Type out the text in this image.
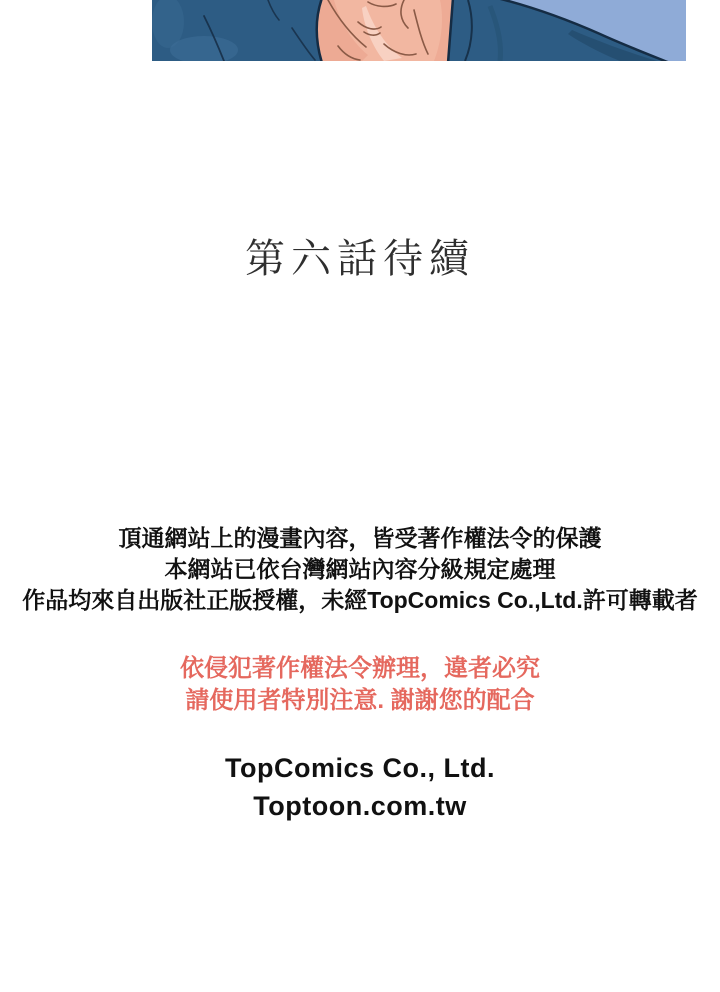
第六話待續
頂通網站上的漫畫內容，皆受著作權法令的保護
本網站已依台灣網站內容分級規定處理
作品均來自出版社正版授權，未經TopComics Co.,Ltd.許可轉載者
依侵犯著作權法令辦理，違者必究
請使用者特別注意. 謝謝您的配合
TopComics Co., Ltd.
Toptoon.com.tw
